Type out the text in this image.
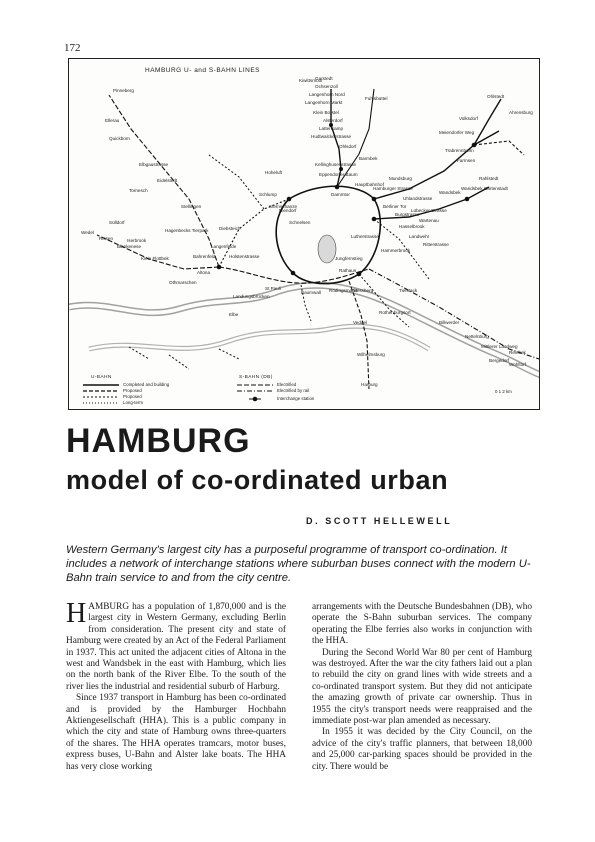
172
HAMBURG U- and S-BAHN LINES
Garstedt
Ochsenzoll
Langenhorn Nord
Langenhorn Markt
Fuhlsbüttel
Klein Borstel
Ohlsdorf
Alsterdorf
Lattenkamp
Hudtwalckerstrasse
Kellinghusenstrasse
Eppendorfer Baum
Hoheluft
Schlump
Sternschanze
Dammtor
Hauptbahnhof
Berliner Tor
Barmbek
Wandsbek
Hasselbrook
Landwehr
Hammerbrook
Altona
Holstenstrasse
Diebsteich
Stellingen
Eidelstedt
Langenfelde
Othmarschen
Bahrenfeld
Klein Flottbek
Blankenese
Wedel
Rissen
Sülldorf
Iserbrook
Pinneberg
Elbgaustrasse
Hagenbecks Tierpark
St Pauli
Landungsbrücken
Baumwall Rödingsmarkt
Jungfernstieg
Rathaus
Messberg
Meiendorfer Weg
Volksdorf
Ahrensburg
Bergedorf
Harburg
Ohlstedt
Rahlstedt
Wandsbek Gartenstadt
Trabrennbahn
Farmsen
Burgstrasse
Hamburger Strasse
Mundsburg
Uhlandstrasse
Lübecker Strasse
Wartenau
Ritterstrasse
Kiwittsmoor
Niendorf
Schnelsen
Elbe
Lutherstrasse
Rothenburgsort
Tiefstack
Billwerder
Nettelnburg
Mittlerer Landweg
Reinbek
Wohltorf
Veddel
Wilhelmsburg
Ellerau
Quickborn
Tornesch
U-BAHN
Completed and building
Proposed
Proposed
Long-term
S-BAHN (DB)
Electrified
Electrified by rail
Interchange station
0 1 2 km
HAMBURG
model of co-ordinated urban
D. SCOTT HELLEWELL
Western Germany's largest city has a purposeful programme of transport co-ordination. It includes a network of interchange stations where suburban buses connect with the modern U-Bahn train service to and from the city centre.

HAMBURG has a population of 1,870,000 and is the largest city in Western Germany, excluding Berlin from consideration. The present city and state of Hamburg were created by an Act of the Federal Parliament in 1937. This act united the adjacent cities of Altona in the west and Wandsbek in the east with Hamburg, which lies on the north bank of the River Elbe. To the south of the river lies the industrial and residential suburb of Harburg.

Since 1937 transport in Hamburg has been co-ordinated and is provided by the Hamburger Hochbahn Aktiengesellschaft (HHA). This is a public company in which the city and state of Hamburg owns three-quarters of the shares. The HHA operates tramcars, motor buses, express buses, U-Bahn and Alster lake boats. The HHA has very close working

arrangements with the Deutsche Bundesbahnen (DB), who operate the S-Bahn suburban services. The company operating the Elbe ferries also works in conjunction with the HHA.

During the Second World War 80 per cent of Hamburg was destroyed. After the war the city fathers laid out a plan to rebuild the city on grand lines with wide streets and a co-ordinated transport system. But they did not anticipate the amazing growth of private car ownership. Thus in 1955 the city's transport needs were reappraised and the immediate post-war plan amended as necessary.

In 1955 it was decided by the City Council, on the advice of the city's traffic planners, that between 18,000 and 25,000 car-parking spaces should be provided in the city. There would be
